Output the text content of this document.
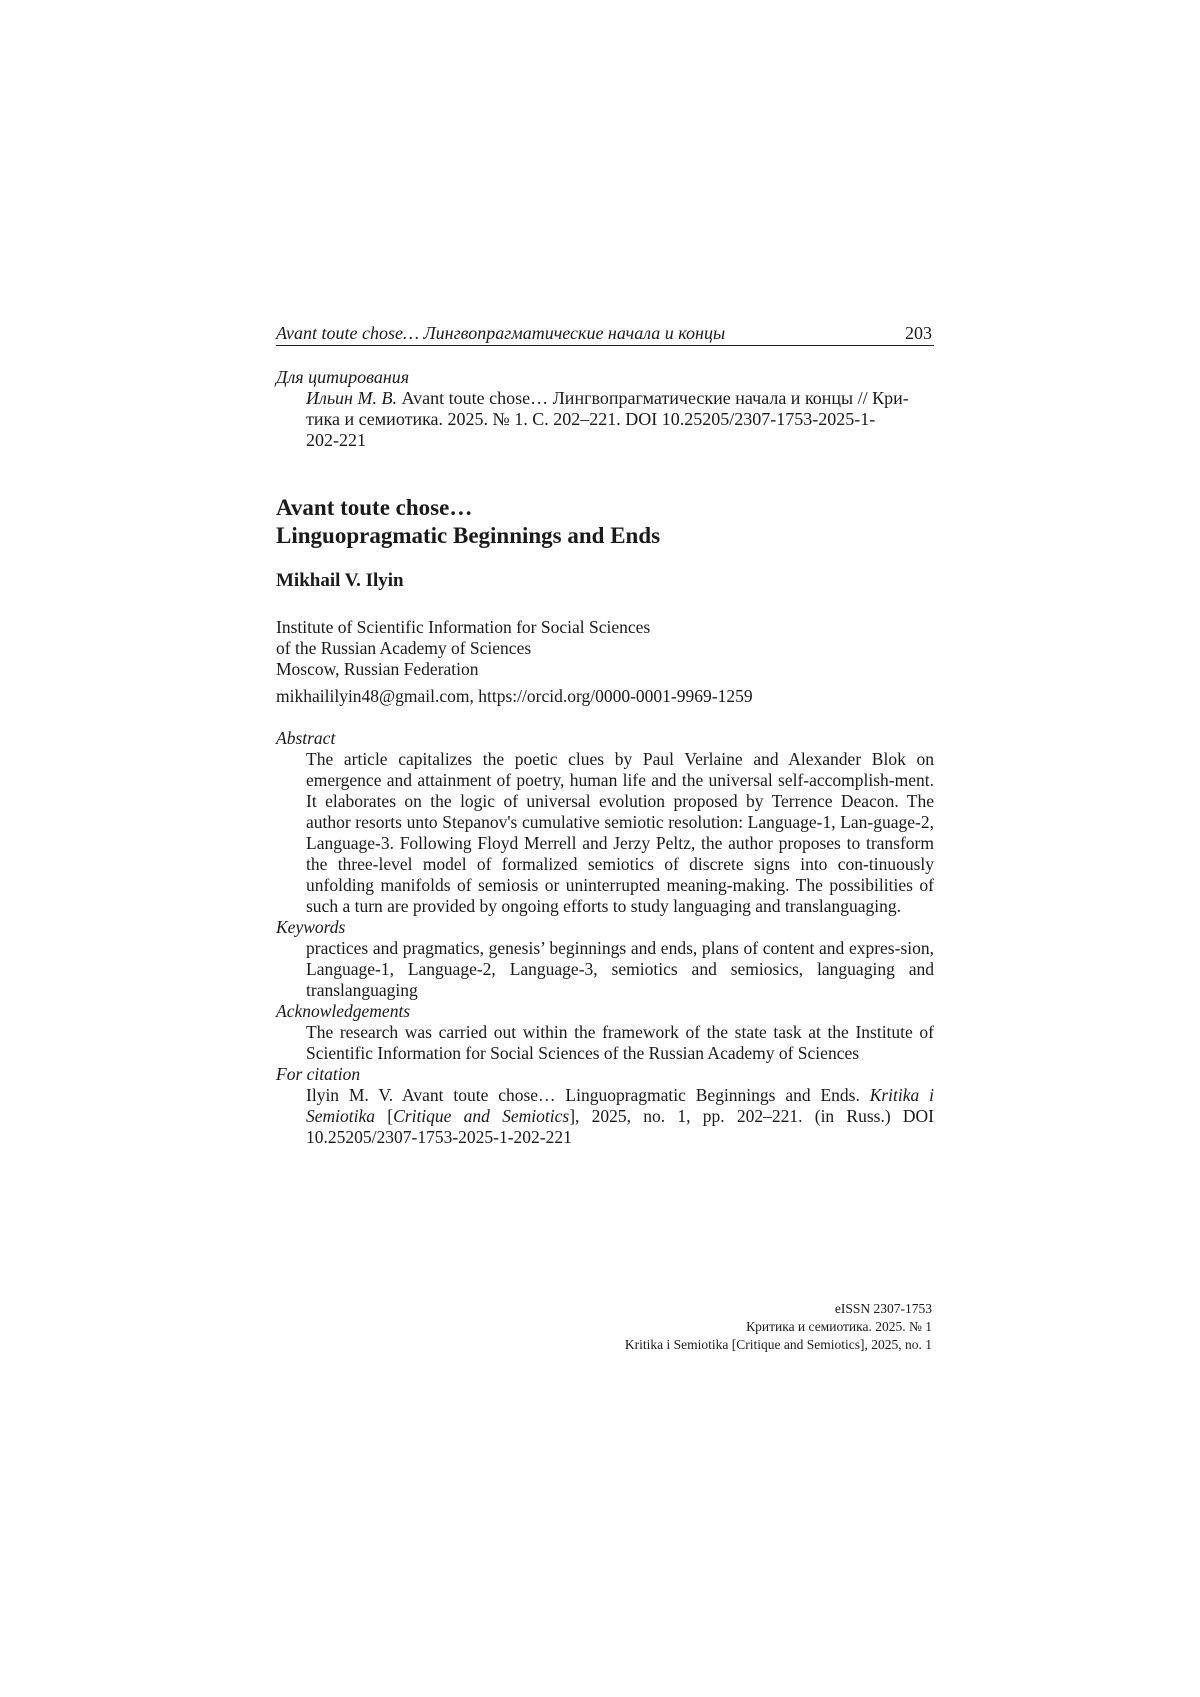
Avant toute chose… Лингвопрагматические начала и концы	203
Для цитирования
Ильин М. В. Avant toute chose… Лингвопрагматические начала и концы // Кри-
тика и семиотика. 2025. № 1. С. 202–221. DOI 10.25205/2307-1753-2025-1-
202-221
Avant toute chose…
Linguopragmatic Beginnings and Ends
Mikhail V. Ilyin
Institute of Scientific Information for Social Sciences
of the Russian Academy of Sciences
Moscow, Russian Federation
mikhaililyin48@gmail.com, https://orcid.org/0000-0001-9969-1259
Abstract
The article capitalizes the poetic clues by Paul Verlaine and Alexander Blok on emergence and attainment of poetry, human life and the universal self-accomplish-ment. It elaborates on the logic of universal evolution proposed by Terrence Deacon. The author resorts unto Stepanov's cumulative semiotic resolution: Language-1, Lan-guage-2, Language-3. Following Floyd Merrell and Jerzy Peltz, the author proposes to transform the three-level model of formalized semiotics of discrete signs into con-tinuously unfolding manifolds of semiosis or uninterrupted meaning-making. The possibilities of such a turn are provided by ongoing efforts to study languaging and translanguaging.
Keywords
practices and pragmatics, genesis’ beginnings and ends, plans of content and expres-sion, Language-1, Language-2, Language-3, semiotics and semiosics, languaging and translanguaging
Acknowledgements
The research was carried out within the framework of the state task at the Institute of Scientific Information for Social Sciences of the Russian Academy of Sciences
For citation
Ilyin M. V. Avant toute chose… Linguopragmatic Beginnings and Ends. Kritika i Semiotika [Critique and Semiotics], 2025, no. 1, pp. 202–221. (in Russ.) DOI 10.25205/2307-1753-2025-1-202-221
eISSN 2307-1753
Критика и семиотика. 2025. № 1
Kritika i Semiotika [Critique and Semiotics], 2025, no. 1
